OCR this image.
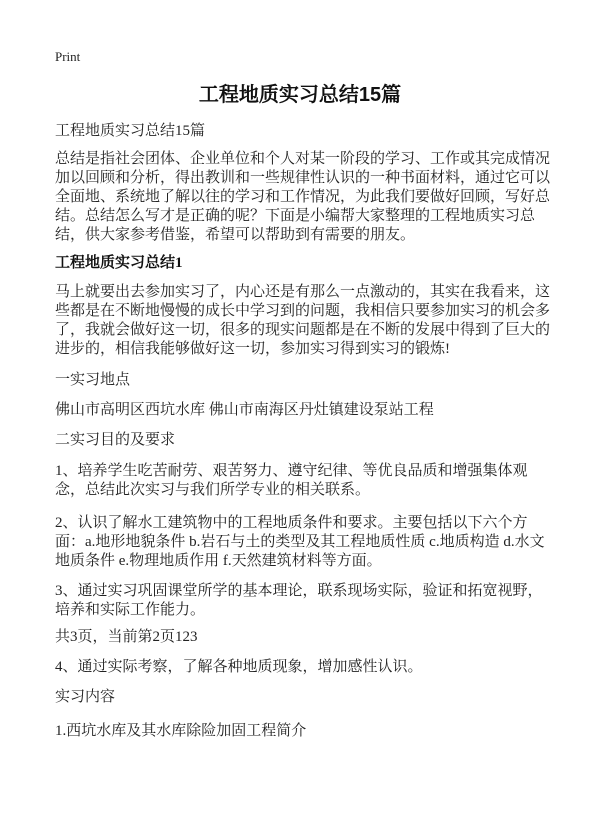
Print
工程地质实习总结15篇

工程地质实习总结15篇

总结是指社会团体、企业单位和个人对某一阶段的学习、工作或其完成情况加以回顾和分析，得出教训和一些规律性认识的一种书面材料，通过它可以全面地、系统地了解以往的学习和工作情况，为此我们要做好回顾，写好总结。总结怎么写才是正确的呢？下面是小编帮大家整理的工程地质实习总结，供大家参考借鉴，希望可以帮助到有需要的朋友。

工程地质实习总结1

马上就要出去参加实习了，内心还是有那么一点激动的，其实在我看来，这些都是在不断地慢慢的成长中学习到的问题，我相信只要参加实习的机会多了，我就会做好这一切，很多的现实问题都是在不断的发展中得到了巨大的进步的，相信我能够做好这一切，参加实习得到实习的锻炼!

一实习地点

佛山市高明区西坑水库 佛山市南海区丹灶镇建设泵站工程

二实习目的及要求

1、培养学生吃苦耐劳、艰苦努力、遵守纪律、等优良品质和增强集体观念，总结此次实习与我们所学专业的相关联系。

2、认识了解水工建筑物中的工程地质条件和要求。主要包括以下六个方面：a.地形地貌条件 b.岩石与土的类型及其工程地质性质 c.地质构造 d.水文地质条件 e.物理地质作用 f.天然建筑材料等方面。

3、通过实习巩固课堂所学的基本理论，联系现场实际，验证和拓宽视野，培养和实际工作能力。

共3页，当前第2页123

4、通过实际考察，了解各种地质现象，增加感性认识。

实习内容

1.西坑水库及其水库除险加固工程简介
